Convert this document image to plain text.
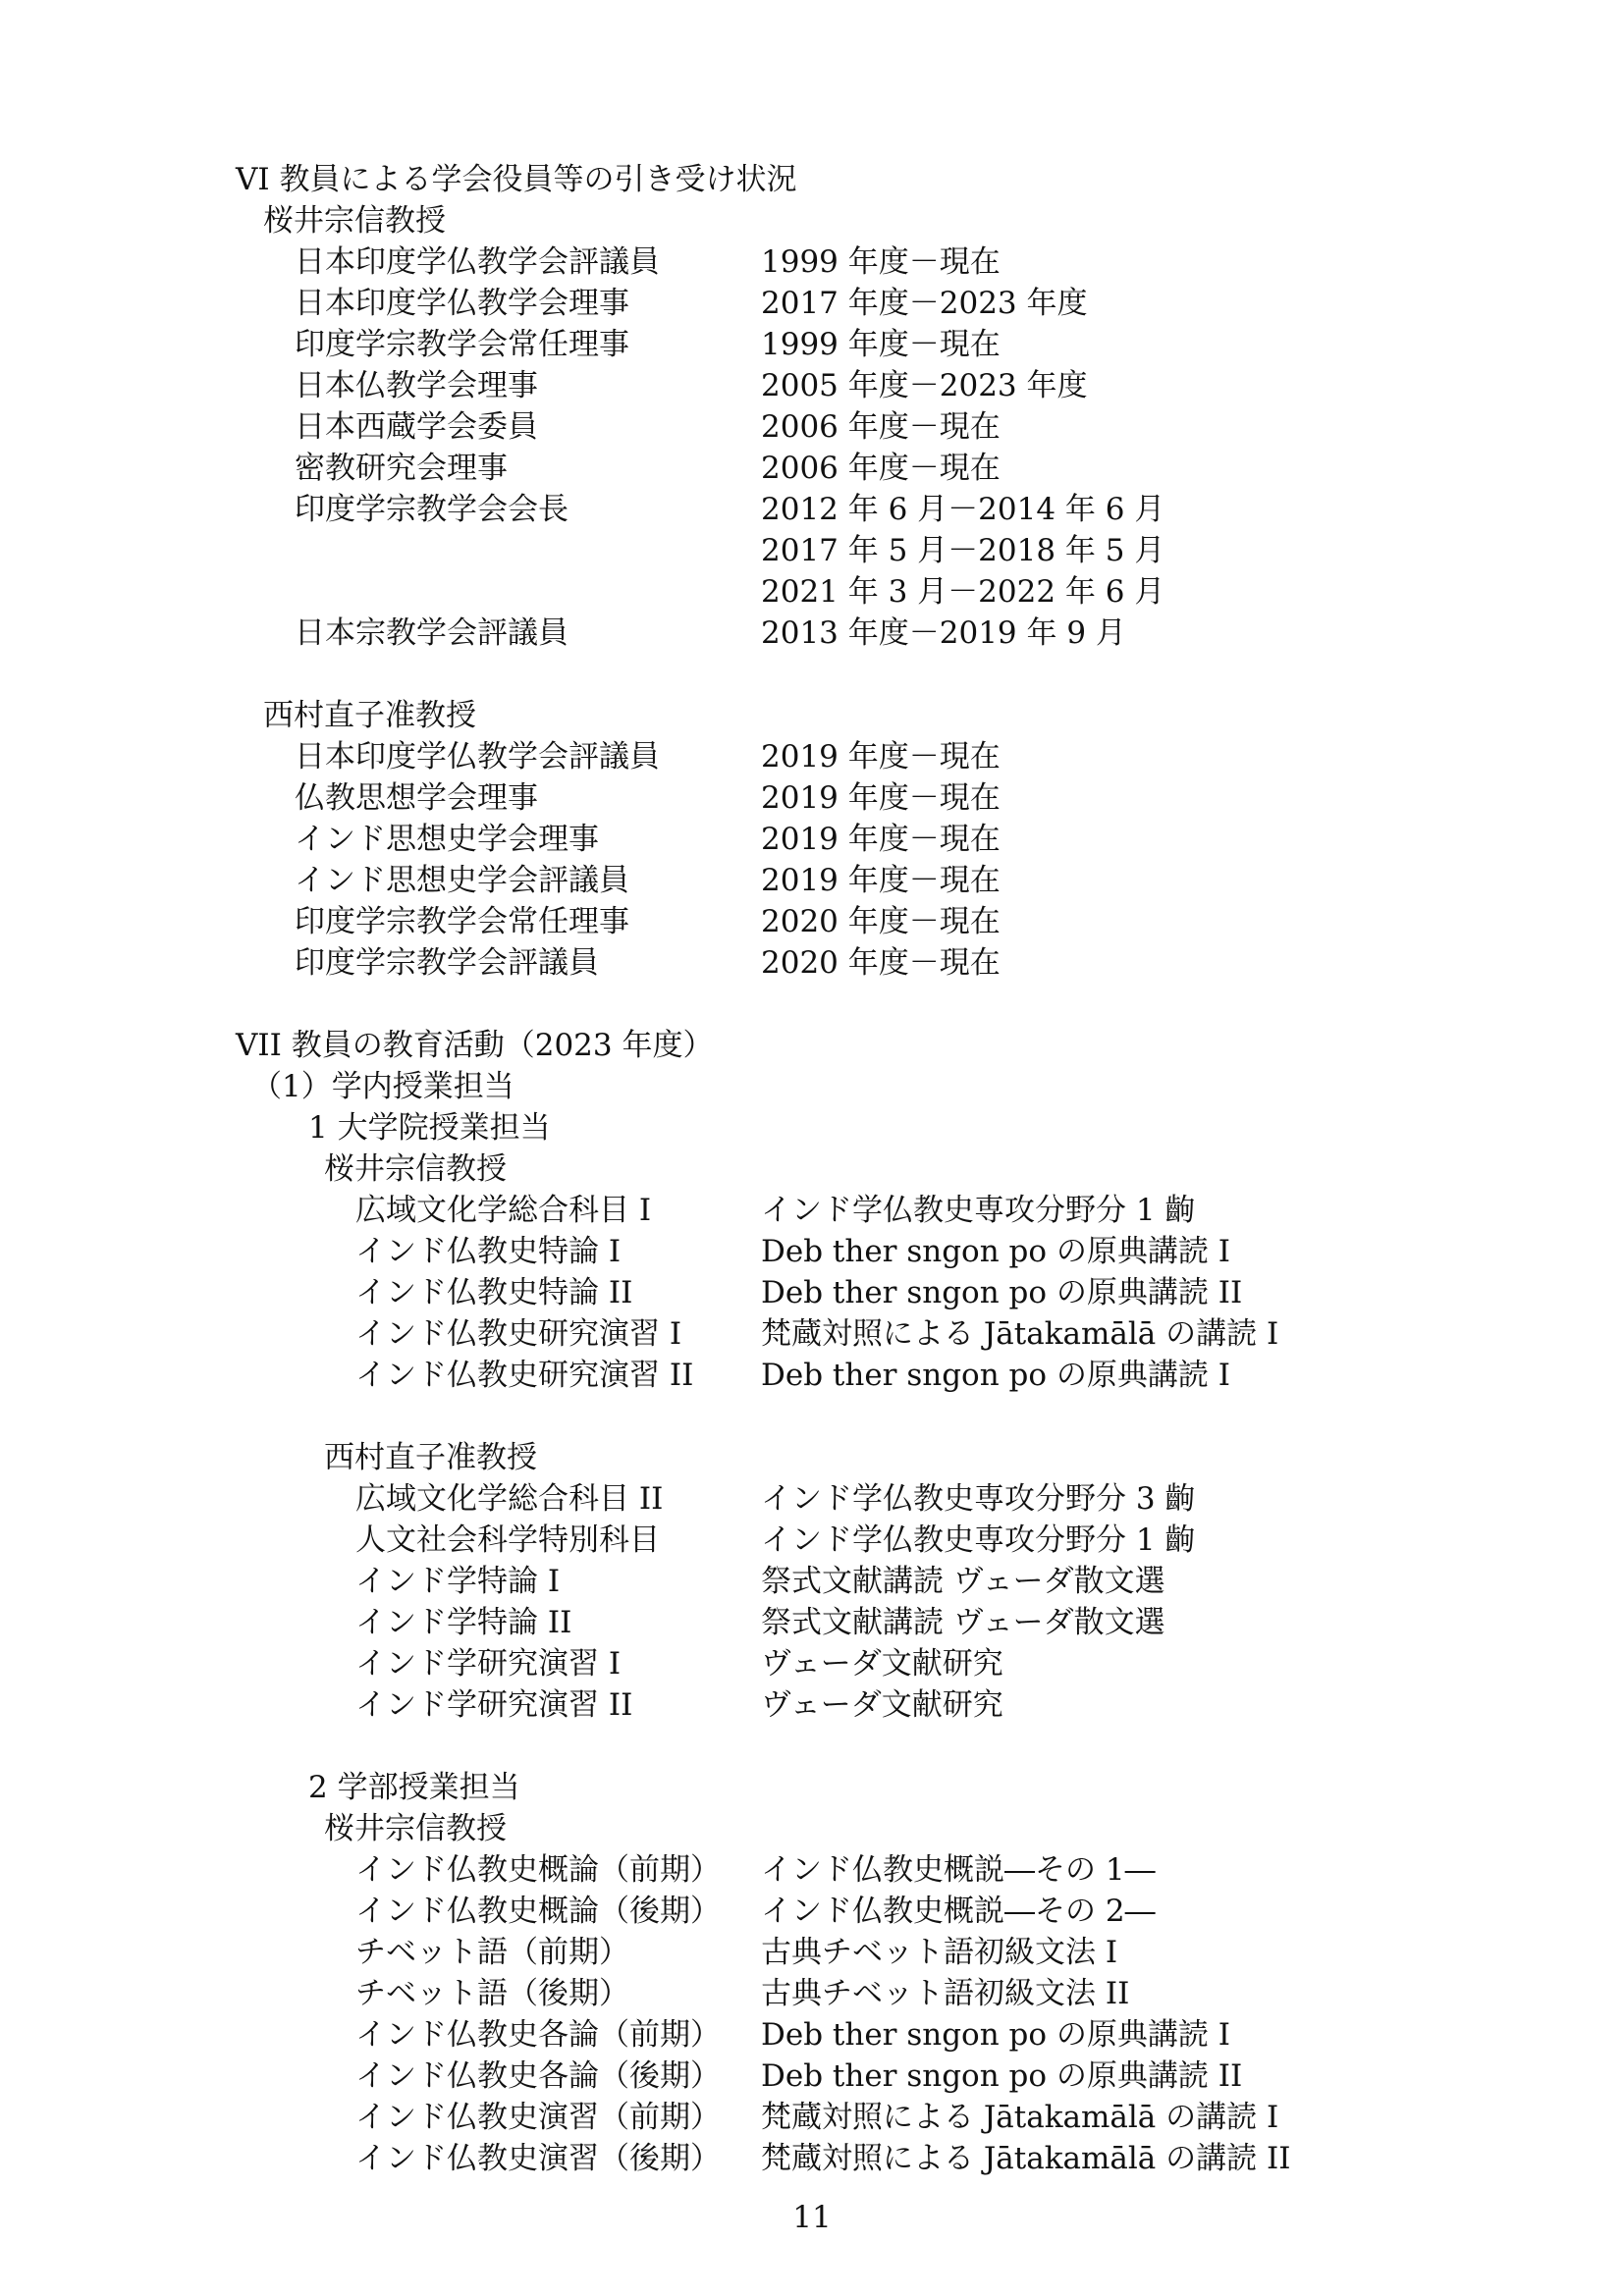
VI 教員による学会役員等の引き受け状況
桜井宗信教授
日本印度学仏教学会評議員	1999 年度－現在
日本印度学仏教学会理事	2017 年度－2023 年度
印度学宗教学会常任理事	1999 年度－現在
日本仏教学会理事	2005 年度－2023 年度
日本西蔵学会委員	2006 年度－現在
密教研究会理事	2006 年度－現在
印度学宗教学会会長	2012 年 6 月－2014 年 6 月
2017 年 5 月－2018 年 5 月
2021 年 3 月－2022 年 6 月
日本宗教学会評議員	2013 年度－2019 年 9 月
西村直子准教授
日本印度学仏教学会評議員	2019 年度－現在
仏教思想学会理事	2019 年度－現在
インド思想史学会理事	2019 年度－現在
インド思想史学会評議員	2019 年度－現在
印度学宗教学会常任理事	2020 年度－現在
印度学宗教学会評議員	2020 年度－現在
VII 教員の教育活動（2023 年度）
（1）学内授業担当
1 大学院授業担当
桜井宗信教授
広域文化学総合科目 I	インド学仏教史専攻分野分 1 齣
インド仏教史特論 I	Deb ther sngon po の原典講読 I
インド仏教史特論 II	Deb ther sngon po の原典講読 II
インド仏教史研究演習 I	梵蔵対照による Jātakamālā の講読 I
インド仏教史研究演習 II Deb ther sngon po の原典講読 I
西村直子准教授
広域文化学総合科目 II	インド学仏教史専攻分野分 3 齣
人文社会科学特別科目	インド学仏教史専攻分野分 1 齣
インド学特論 I	祭式文献講読 ヴェーダ散文選
インド学特論 II	祭式文献講読 ヴェーダ散文選
インド学研究演習 I	ヴェーダ文献研究
インド学研究演習 II	ヴェーダ文献研究
2 学部授業担当
桜井宗信教授
インド仏教史概論（前期） インド仏教史概説―その 1―
インド仏教史概論（後期） インド仏教史概説―その 2―
チベット語（前期）	古典チベット語初級文法 I
チベット語（後期）	古典チベット語初級文法 II
インド仏教史各論（前期） Deb ther sngon po の原典講読 I
インド仏教史各論（後期） Deb ther sngon po の原典講読 II
インド仏教史演習（前期） 梵蔵対照による Jātakamālā の講読 I
インド仏教史演習（後期） 梵蔵対照による Jātakamālā の講読 II
11
